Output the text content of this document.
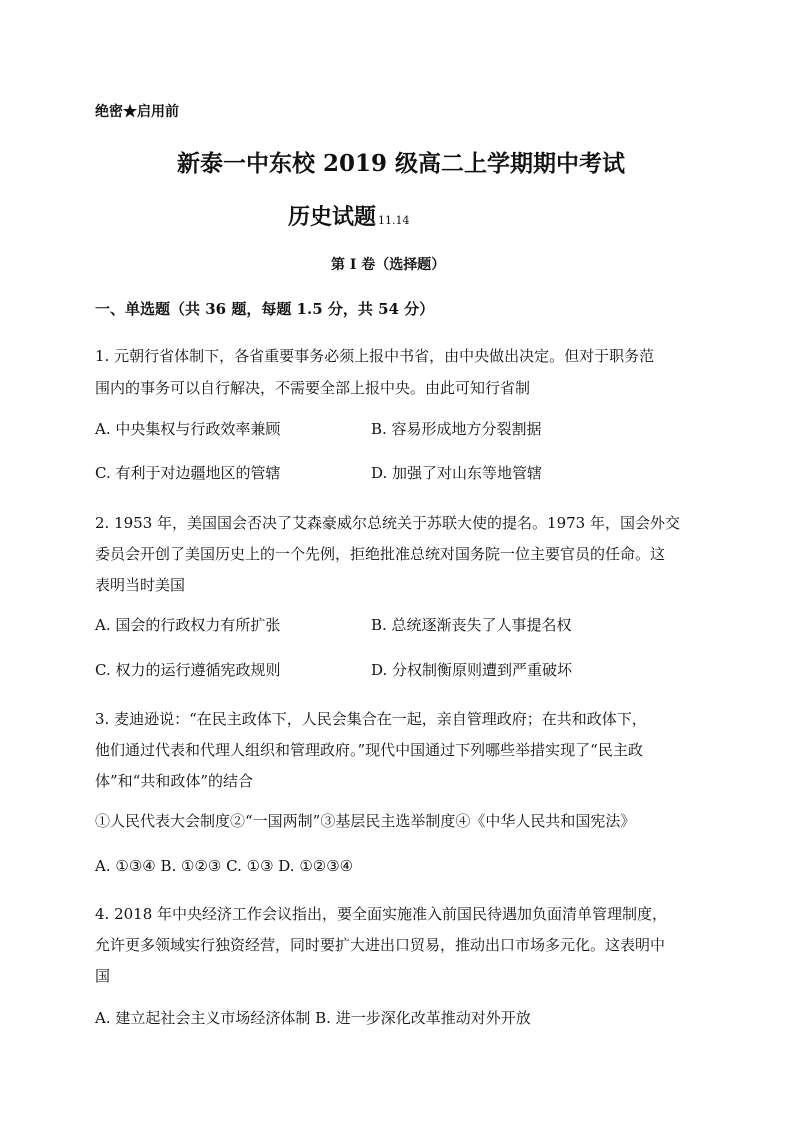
绝密★启用前
新泰一中东校 2019 级高二上学期期中考试
历史试题 11.14
第 I 卷（选择题）
一、单选题（共 36 题，每题 1.5 分，共 54 分）
1. 元朝行省体制下，各省重要事务必须上报中书省，由中央做出决定。但对于职务范
围内的事务可以自行解决，不需要全部上报中央。由此可知行省制
A. 中央集权与行政效率兼顾	B. 容易形成地方分裂割据
C. 有利于对边疆地区的管辖	D. 加强了对山东等地管辖
2. 1953 年，美国国会否决了艾森豪威尔总统关于苏联大使的提名。1973 年，国会外交
委员会开创了美国历史上的一个先例，拒绝批准总统对国务院一位主要官员的任命。这
表明当时美国
A. 国会的行政权力有所扩张	B. 总统逐渐丧失了人事提名权
C. 权力的运行遵循宪政规则	D. 分权制衡原则遭到严重破坏
3. 麦迪逊说：“在民主政体下，人民会集合在一起，亲自管理政府；在共和政体下，
他们通过代表和代理人组织和管理政府。”现代中国通过下列哪些举措实现了“民主政
体”和“共和政体”的结合
①人民代表大会制度②“一国两制”③基层民主选举制度④《中华人民共和国宪法》
A. ①③④ B. ①②③ C. ①③ D. ①②③④
4. 2018 年中央经济工作会议指出，要全面实施准入前国民待遇加负面清单管理制度，
允许更多领域实行独资经营，同时要扩大进出口贸易，推动出口市场多元化。这表明中
国
A. 建立起社会主义市场经济体制 B. 进一步深化改革推动对外开放
